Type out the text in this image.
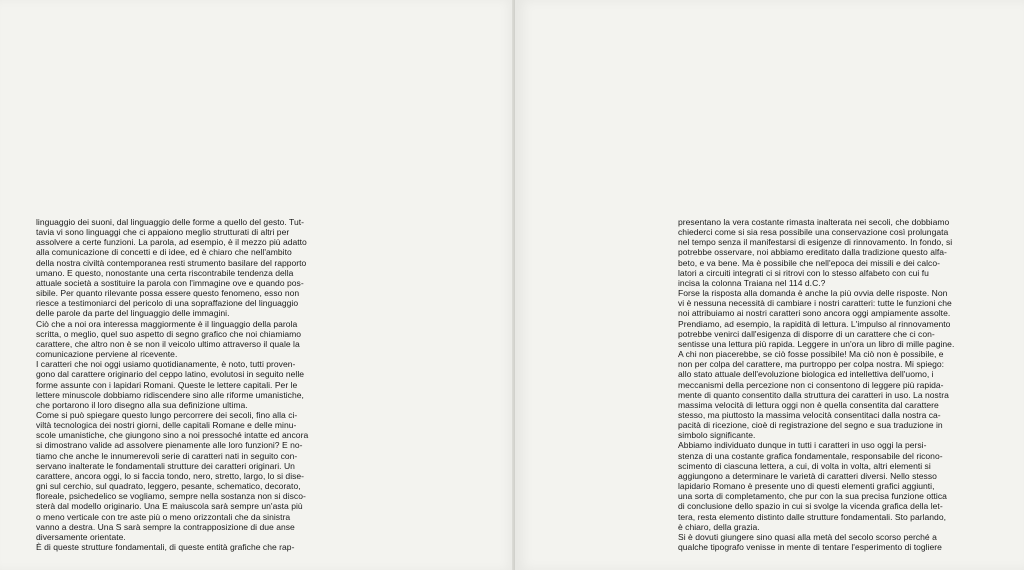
linguaggio dei suoni, dal linguaggio delle forme a quello del gesto. Tut-
tavia vi sono linguaggi che ci appaiono meglio strutturati di altri per
assolvere a certe funzioni. La parola, ad esempio, è il mezzo più adatto
alla comunicazione di concetti e di idee, ed è chiaro che nell'ambito
della nostra civiltà contemporanea resti strumento basilare del rapporto
umano. E questo, nonostante una certa riscontrabile tendenza della
attuale società a sostituire la parola con l'immagine ove e quando pos-
sibile. Per quanto rilevante possa essere questo fenomeno, esso non
riesce a testimoniarci del pericolo di una sopraffazione del linguaggio
delle parole da parte del linguaggio delle immagini.
Ciò che a noi ora interessa maggiormente è il linguaggio della parola
scritta, o meglio, quel suo aspetto di segno grafico che noi chiamiamo
carattere, che altro non è se non il veicolo ultimo attraverso il quale la
comunicazione perviene al ricevente.
I caratteri che noi oggi usiamo quotidianamente, è noto, tutti proven-
gono dal carattere originario del ceppo latino, evolutosi in seguito nelle
forme assunte con i lapidari Romani. Queste le lettere capitali. Per le
lettere minuscole dobbiamo ridiscendere sino alle riforme umanistiche,
che portarono il loro disegno alla sua definizione ultima.
Come si può spiegare questo lungo percorrere dei secoli, fino alla ci-
viltà tecnologica dei nostri giorni, delle capitali Romane e delle minu-
scole umanistiche, che giungono sino a noi pressoché intatte ed ancora
si dimostrano valide ad assolvere pienamente alle loro funzioni? E no-
tiamo che anche le innumerevoli serie di caratteri nati in seguito con-
servano inalterate le fondamentali strutture dei caratteri originari. Un
carattere, ancora oggi, lo si faccia tondo, nero, stretto, largo, lo si dise-
gni sul cerchio, sul quadrato, leggero, pesante, schematico, decorato,
floreale, psichedelico se vogliamo, sempre nella sostanza non si disco-
sterà dal modello originario. Una E maiuscola sarà sempre un'asta più
o meno verticale con tre aste più o meno orizzontali che da sinistra
vanno a destra. Una S sarà sempre la contrapposizione di due anse
diversamente orientate.
È di queste strutture fondamentali, di queste entità grafiche che rap-

presentano la vera costante rimasta inalterata nei secoli, che dobbiamo
chiederci come si sia resa possibile una conservazione così prolungata
nel tempo senza il manifestarsi di esigenze di rinnovamento. In fondo, si
potrebbe osservare, noi abbiamo ereditato dalla tradizione questo alfa-
beto, e va bene. Ma è possibile che nell'epoca dei missili e dei calco-
latori a circuiti integrati ci si ritrovi con lo stesso alfabeto con cui fu
incisa la colonna Traiana nel 114 d.C.?
Forse la risposta alla domanda è anche la più ovvia delle risposte. Non
vi è nessuna necessità di cambiare i nostri caratteri: tutte le funzioni che
noi attribuiamo ai nostri caratteri sono ancora oggi ampiamente assolte.
Prendiamo, ad esempio, la rapidità di lettura. L'impulso al rinnovamento
potrebbe venirci dall'esigenza di disporre di un carattere che ci con-
sentisse una lettura più rapida. Leggere in un'ora un libro di mille pagine.
A chi non piacerebbe, se ciò fosse possibile! Ma ciò non è possibile, e
non per colpa del carattere, ma purtroppo per colpa nostra. Mi spiego:
allo stato attuale dell'evoluzione biologica ed intellettiva dell'uomo, i
meccanismi della percezione non ci consentono di leggere più rapida-
mente di quanto consentito dalla struttura dei caratteri in uso. La nostra
massima velocità di lettura oggi non è quella consentita dal carattere
stesso, ma piuttosto la massima velocità consentitaci dalla nostra ca-
pacità di ricezione, cioè di registrazione del segno e sua traduzione in
simbolo significante.
Abbiamo individuato dunque in tutti i caratteri in uso oggi la persi-
stenza di una costante grafica fondamentale, responsabile del ricono-
scimento di ciascuna lettera, a cui, di volta in volta, altri elementi si
aggiungono a determinare le varietà di caratteri diversi. Nello stesso
lapidario Romano è presente uno di questi elementi grafici aggiunti,
una sorta di completamento, che pur con la sua precisa funzione ottica
di conclusione dello spazio in cui si svolge la vicenda grafica della let-
tera, resta elemento distinto dalle strutture fondamentali. Sto parlando,
è chiaro, della grazia.
Si è dovuti giungere sino quasi alla metà del secolo scorso perché a
qualche tipografo venisse in mente di tentare l'esperimento di togliere
